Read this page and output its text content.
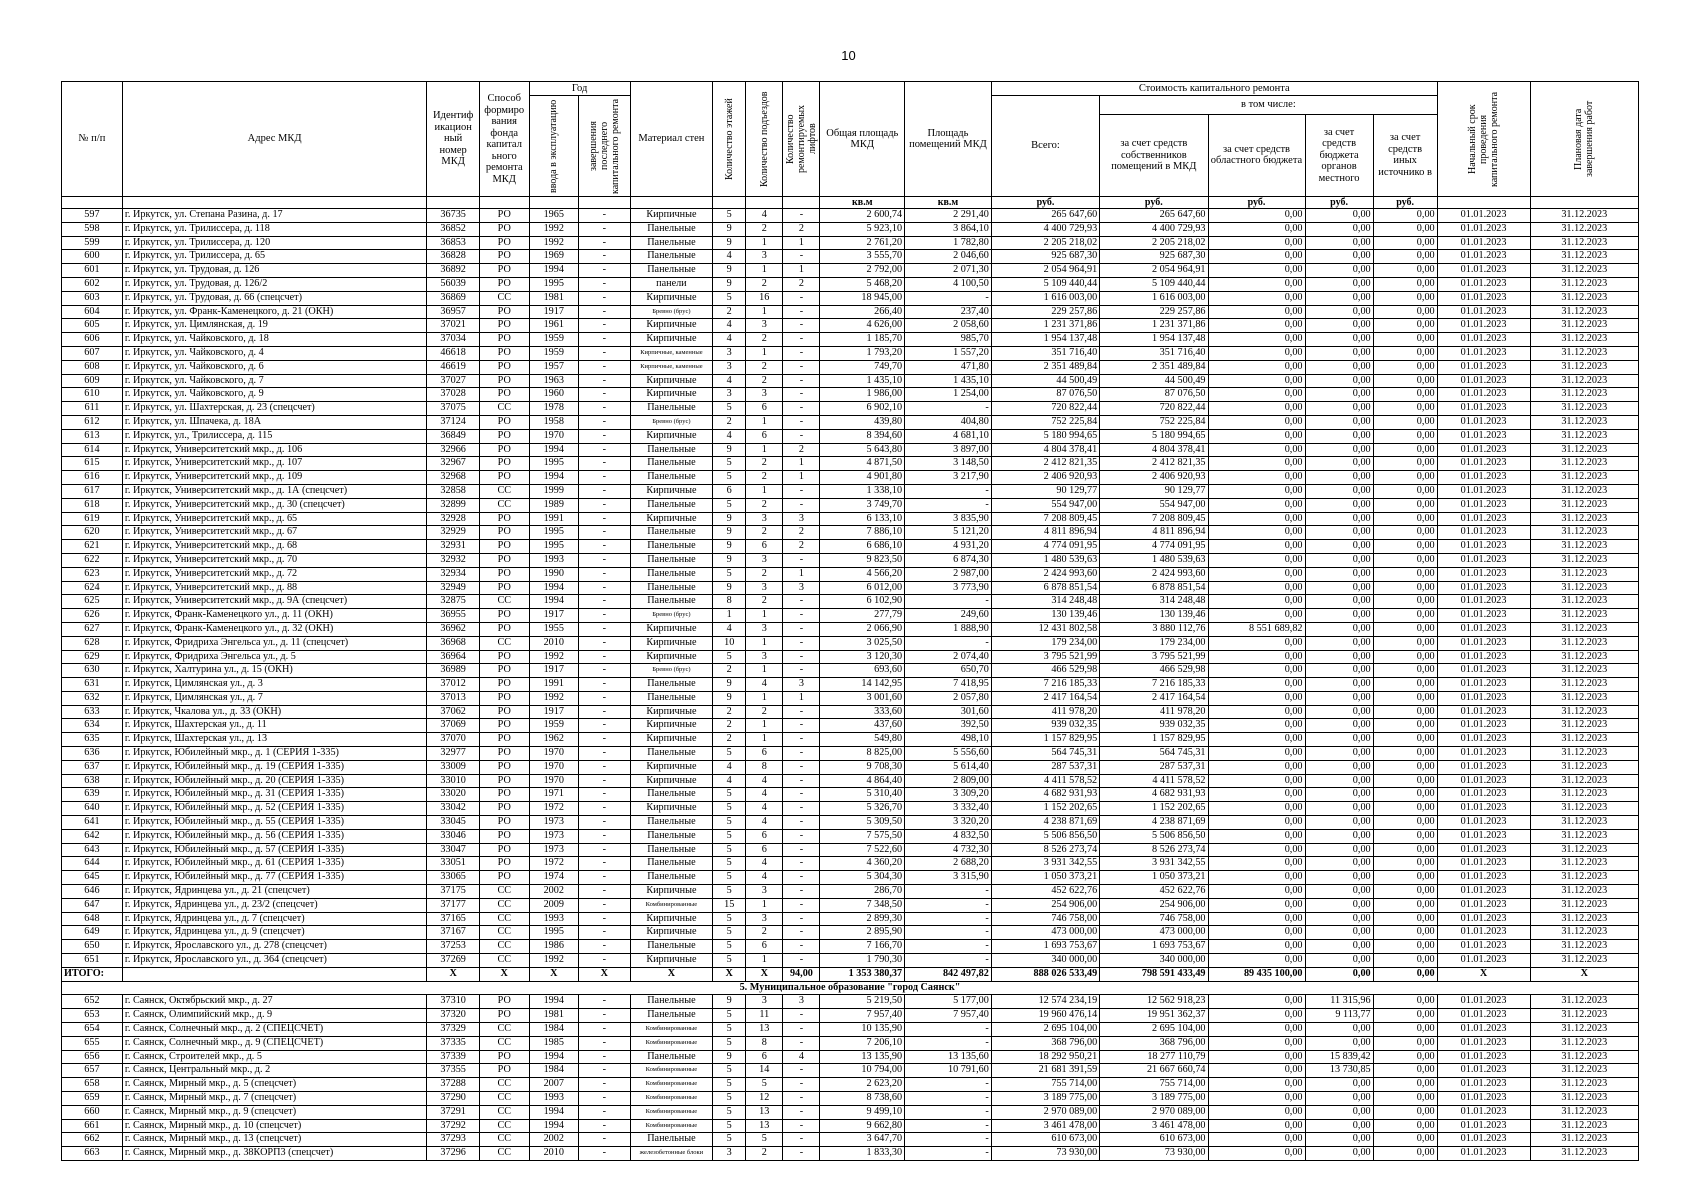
10
№ п/п	Адрес МКД	Идентиф икацион ный номер МКД	Способ формиро вания фонда капитал ьного ремонта МКД	Год		Материал стен	Количество этажей	Количество подъездов	Количество ремонтируемых лифтов	Общая площадь МКД	Площадь помещений МКД	Стоимость капитального ремонта					Начальный срок проведения капитального ремонта	Плановая дата завершения работ

				ввода в эксплуатацию	завершения последнего капитального ремонта							Всего:	в том числе:					
													за счет средств собственников помещений в МКД	за счет средств областного бюджета	за счет средств бюджета органов местного	за счет средств иных источнико в		
										кв.м	кв.м	руб.	руб.	руб.	руб.	руб.		
597	г. Иркутск, ул. Степана Разина, д. 17	36735	РО	1965	-	Кирпичные	5	4	-	2 600,74	2 291,40	265 647,60	265 647,60	0,00	0,00	0,00	01.01.2023	31.12.2023
598	г. Иркутск, ул. Трилиссера, д. 118	36852	РО	1992	-	Панельные	9	2	2	5 923,10	3 864,10	4 400 729,93	4 400 729,93	0,00	0,00	0,00	01.01.2023	31.12.2023
599	г. Иркутск, ул. Трилиссера, д. 120	36853	РО	1992	-	Панельные	9	1	1	2 761,20	1 782,80	2 205 218,02	2 205 218,02	0,00	0,00	0,00	01.01.2023	31.12.2023
600	г. Иркутск, ул. Трилиссера, д. 65	36828	РО	1969	-	Панельные	4	3	-	3 555,70	2 046,60	925 687,30	925 687,30	0,00	0,00	0,00	01.01.2023	31.12.2023
601	г. Иркутск, ул. Трудовая, д. 126	36892	РО	1994	-	Панельные	9	1	1	2 792,00	2 071,30	2 054 964,91	2 054 964,91	0,00	0,00	0,00	01.01.2023	31.12.2023
602	г. Иркутск, ул. Трудовая, д. 126/2	56039	РО	1995	-	панели	9	2	2	5 468,20	4 100,50	5 109 440,44	5 109 440,44	0,00	0,00	0,00	01.01.2023	31.12.2023
603	г. Иркутск, ул. Трудовая, д. 66 (спецсчет)	36869	СС	1981	-	Кирпичные	5	16	-	18 945,00	-	1 616 003,00	1 616 003,00	0,00	0,00	0,00	01.01.2023	31.12.2023
604	г. Иркутск, ул. Франк-Каменецкого, д. 21 (ОКН)	36957	РО	1917	-	Бревно (брус)	2	1	-	266,40	237,40	229 257,86	229 257,86	0,00	0,00	0,00	01.01.2023	31.12.2023
605	г. Иркутск, ул. Цимлянская, д. 19	37021	РО	1961	-	Кирпичные	4	3	-	4 626,00	2 058,60	1 231 371,86	1 231 371,86	0,00	0,00	0,00	01.01.2023	31.12.2023
606	г. Иркутск, ул. Чайковского, д. 18	37034	РО	1959	-	Кирпичные	4	2	-	1 185,70	985,70	1 954 137,48	1 954 137,48	0,00	0,00	0,00	01.01.2023	31.12.2023
607	г. Иркутск, ул. Чайковского, д. 4	46618	РО	1959	-	Кирпичные, каменные	3	1	-	1 793,20	1 557,20	351 716,40	351 716,40	0,00	0,00	0,00	01.01.2023	31.12.2023
608	г. Иркутск, ул. Чайковского, д. 6	46619	РО	1957	-	Кирпичные, каменные	3	2	-	749,70	471,80	2 351 489,84	2 351 489,84	0,00	0,00	0,00	01.01.2023	31.12.2023
609	г. Иркутск, ул. Чайковского, д. 7	37027	РО	1963	-	Кирпичные	4	2	-	1 435,10	1 435,10	44 500,49	44 500,49	0,00	0,00	0,00	01.01.2023	31.12.2023
610	г. Иркутск, ул. Чайковского, д. 9	37028	РО	1960	-	Кирпичные	3	3	-	1 986,00	1 254,00	87 076,50	87 076,50	0,00	0,00	0,00	01.01.2023	31.12.2023
611	г. Иркутск, ул. Шахтерская, д. 23 (спецсчет)	37075	СС	1978	-	Панельные	5	6	-	6 902,10	-	720 822,44	720 822,44	0,00	0,00	0,00	01.01.2023	31.12.2023
612	г. Иркутск, ул. Шпачека, д. 18А	37124	РО	1958	-	Бревно (брус)	2	1	-	439,80	404,80	752 225,84	752 225,84	0,00	0,00	0,00	01.01.2023	31.12.2023
613	г. Иркутск, ул., Трилиссера, д. 115	36849	РО	1970	-	Кирпичные	4	6	-	8 394,60	4 681,10	5 180 994,65	5 180 994,65	0,00	0,00	0,00	01.01.2023	31.12.2023
614	г. Иркутск, Университетский мкр., д. 106	32966	РО	1994	-	Панельные	9	1	2	5 643,80	3 897,00	4 804 378,41	4 804 378,41	0,00	0,00	0,00	01.01.2023	31.12.2023
615	г. Иркутск, Университетский мкр., д. 107	32967	РО	1995	-	Панельные	5	2	1	4 871,50	3 148,50	2 412 821,35	2 412 821,35	0,00	0,00	0,00	01.01.2023	31.12.2023
616	г. Иркутск, Университетский мкр., д. 109	32968	РО	1994	-	Панельные	5	2	1	4 901,80	3 217,90	2 406 920,93	2 406 920,93	0,00	0,00	0,00	01.01.2023	31.12.2023
617	г. Иркутск, Университетский мкр., д. 1А (спецсчет)	32858	СС	1999	-	Кирпичные	6	1	-	1 338,10	-	90 129,77	90 129,77	0,00	0,00	0,00	01.01.2023	31.12.2023
618	г. Иркутск, Университетский мкр., д. 30 (спецсчет)	32899	СС	1989	-	Панельные	5	2	-	3 749,70	-	554 947,00	554 947,00	0,00	0,00	0,00	01.01.2023	31.12.2023
619	г. Иркутск, Университетский мкр., д. 65	32928	РО	1991	-	Кирпичные	9	3	3	6 133,10	3 835,90	7 208 809,45	7 208 809,45	0,00	0,00	0,00	01.01.2023	31.12.2023
620	г. Иркутск, Университетский мкр., д. 67	32929	РО	1995	-	Панельные	9	2	2	7 886,10	5 121,20	4 811 896,94	4 811 896,94	0,00	0,00	0,00	01.01.2023	31.12.2023
621	г. Иркутск, Университетский мкр., д. 68	32931	РО	1995	-	Панельные	9	6	2	6 686,10	4 931,20	4 774 091,95	4 774 091,95	0,00	0,00	0,00	01.01.2023	31.12.2023
622	г. Иркутск, Университетский мкр., д. 70	32932	РО	1993	-	Панельные	9	3	-	9 823,50	6 874,30	1 480 539,63	1 480 539,63	0,00	0,00	0,00	01.01.2023	31.12.2023
623	г. Иркутск, Университетский мкр., д. 72	32934	РО	1990	-	Панельные	5	2	1	4 566,20	2 987,00	2 424 993,60	2 424 993,60	0,00	0,00	0,00	01.01.2023	31.12.2023
624	г. Иркутск, Университетский мкр., д. 88	32949	РО	1994	-	Панельные	9	3	3	6 012,00	3 773,90	6 878 851,54	6 878 851,54	0,00	0,00	0,00	01.01.2023	31.12.2023
625	г. Иркутск, Университетский мкр., д. 9А (спецсчет)	32875	СС	1994	-	Панельные	8	2	-	6 102,90	-	314 248,48	314 248,48	0,00	0,00	0,00	01.01.2023	31.12.2023
626	г. Иркутск, Франк-Каменецкого ул., д. 11 (ОКН)	36955	РО	1917	-	Бревно (брус)	1	1	-	277,79	249,60	130 139,46	130 139,46	0,00	0,00	0,00	01.01.2023	31.12.2023
627	г. Иркутск, Франк-Каменецкого ул., д. 32 (ОКН)	36962	РО	1955	-	Кирпичные	4	3	-	2 066,90	1 888,90	12 431 802,58	3 880 112,76	8 551 689,82	0,00	0,00	01.01.2023	31.12.2023
628	г. Иркутск, Фридриха Энгельса ул., д. 11 (спецсчет)	36968	СС	2010	-	Кирпичные	10	1	-	3 025,50	-	179 234,00	179 234,00	0,00	0,00	0,00	01.01.2023	31.12.2023
629	г. Иркутск, Фридриха Энгельса ул., д. 5	36964	РО	1992	-	Кирпичные	5	3	-	3 120,30	2 074,40	3 795 521,99	3 795 521,99	0,00	0,00	0,00	01.01.2023	31.12.2023
630	г. Иркутск, Халтурина ул., д. 15 (ОКН)	36989	РО	1917	-	Бревно (брус)	2	1	-	693,60	650,70	466 529,98	466 529,98	0,00	0,00	0,00	01.01.2023	31.12.2023
631	г. Иркутск, Цимлянская ул., д. 3	37012	РО	1991	-	Панельные	9	4	3	14 142,95	7 418,95	7 216 185,33	7 216 185,33	0,00	0,00	0,00	01.01.2023	31.12.2023
632	г. Иркутск, Цимлянская ул., д. 7	37013	РО	1992	-	Панельные	9	1	1	3 001,60	2 057,80	2 417 164,54	2 417 164,54	0,00	0,00	0,00	01.01.2023	31.12.2023
633	г. Иркутск, Чкалова ул., д. 33 (ОКН)	37062	РО	1917	-	Кирпичные	2	2	-	333,60	301,60	411 978,20	411 978,20	0,00	0,00	0,00	01.01.2023	31.12.2023
634	г. Иркутск, Шахтерская ул., д. 11	37069	РО	1959	-	Кирпичные	2	1	-	437,60	392,50	939 032,35	939 032,35	0,00	0,00	0,00	01.01.2023	31.12.2023
635	г. Иркутск, Шахтерская ул., д. 13	37070	РО	1962	-	Кирпичные	2	1	-	549,80	498,10	1 157 829,95	1 157 829,95	0,00	0,00	0,00	01.01.2023	31.12.2023
636	г. Иркутск, Юбилейный мкр., д. 1 (СЕРИЯ 1-335)	32977	РО	1970	-	Панельные	5	6	-	8 825,00	5 556,60	564 745,31	564 745,31	0,00	0,00	0,00	01.01.2023	31.12.2023
637	г. Иркутск, Юбилейный мкр., д. 19 (СЕРИЯ 1-335)	33009	РО	1970	-	Кирпичные	4	8	-	9 708,30	5 614,40	287 537,31	287 537,31	0,00	0,00	0,00	01.01.2023	31.12.2023
638	г. Иркутск, Юбилейный мкр., д. 20 (СЕРИЯ 1-335)	33010	РО	1970	-	Кирпичные	4	4	-	4 864,40	2 809,00	4 411 578,52	4 411 578,52	0,00	0,00	0,00	01.01.2023	31.12.2023
639	г. Иркутск, Юбилейный мкр., д. 31 (СЕРИЯ 1-335)	33020	РО	1971	-	Панельные	5	4	-	5 310,40	3 309,20	4 682 931,93	4 682 931,93	0,00	0,00	0,00	01.01.2023	31.12.2023
640	г. Иркутск, Юбилейный мкр., д. 52 (СЕРИЯ 1-335)	33042	РО	1972	-	Кирпичные	5	4	-	5 326,70	3 332,40	1 152 202,65	1 152 202,65	0,00	0,00	0,00	01.01.2023	31.12.2023
641	г. Иркутск, Юбилейный мкр., д. 55 (СЕРИЯ 1-335)	33045	РО	1973	-	Панельные	5	4	-	5 309,50	3 320,20	4 238 871,69	4 238 871,69	0,00	0,00	0,00	01.01.2023	31.12.2023
642	г. Иркутск, Юбилейный мкр., д. 56 (СЕРИЯ 1-335)	33046	РО	1973	-	Панельные	5	6	-	7 575,50	4 832,50	5 506 856,50	5 506 856,50	0,00	0,00	0,00	01.01.2023	31.12.2023
643	г. Иркутск, Юбилейный мкр., д. 57 (СЕРИЯ 1-335)	33047	РО	1973	-	Панельные	5	6	-	7 522,60	4 732,30	8 526 273,74	8 526 273,74	0,00	0,00	0,00	01.01.2023	31.12.2023
644	г. Иркутск, Юбилейный мкр., д. 61 (СЕРИЯ 1-335)	33051	РО	1972	-	Панельные	5	4	-	4 360,20	2 688,20	3 931 342,55	3 931 342,55	0,00	0,00	0,00	01.01.2023	31.12.2023
645	г. Иркутск, Юбилейный мкр., д. 77 (СЕРИЯ 1-335)	33065	РО	1974	-	Панельные	5	4	-	5 304,30	3 315,90	1 050 373,21	1 050 373,21	0,00	0,00	0,00	01.01.2023	31.12.2023
646	г. Иркутск, Ядринцева ул., д. 21 (спецсчет)	37175	СС	2002	-	Кирпичные	5	3	-	286,70	-	452 622,76	452 622,76	0,00	0,00	0,00	01.01.2023	31.12.2023
647	г. Иркутск, Ядринцева ул., д. 23/2 (спецсчет)	37177	СС	2009	-	Комбинированные	15	1	-	7 348,50	-	254 906,00	254 906,00	0,00	0,00	0,00	01.01.2023	31.12.2023
648	г. Иркутск, Ядринцева ул., д. 7 (спецсчет)	37165	СС	1993	-	Кирпичные	5	3	-	2 899,30	-	746 758,00	746 758,00	0,00	0,00	0,00	01.01.2023	31.12.2023
649	г. Иркутск, Ядринцева ул., д. 9 (спецсчет)	37167	СС	1995	-	Кирпичные	5	2	-	2 895,90	-	473 000,00	473 000,00	0,00	0,00	0,00	01.01.2023	31.12.2023
650	г. Иркутск, Ярославского ул., д. 278 (спецсчет)	37253	СС	1986	-	Панельные	5	6	-	7 166,70	-	1 693 753,67	1 693 753,67	0,00	0,00	0,00	01.01.2023	31.12.2023
651	г. Иркутск, Ярославского ул., д. 364 (спецсчет)	37269	СС	1992	-	Кирпичные	5	1	-	1 790,30	-	340 000,00	340 000,00	0,00	0,00	0,00	01.01.2023	31.12.2023
ИТОГО:		X	X	X	X	X	X	X	94,00	1 353 380,37	842 497,82	888 026 533,49	798 591 433,49	89 435 100,00	0,00	0,00	X	X
5. Муниципальное образование "город Саянск"																		
652	г. Саянск, Октябрьский мкр., д. 27	37310	РО	1994	-	Панельные	9	3	3	5 219,50	5 177,00	12 574 234,19	12 562 918,23	0,00	11 315,96	0,00	01.01.2023	31.12.2023
653	г. Саянск, Олимпийский мкр., д. 9	37320	РО	1981	-	Панельные	5	11	-	7 957,40	7 957,40	19 960 476,14	19 951 362,37	0,00	9 113,77	0,00	01.01.2023	31.12.2023
654	г. Саянск, Солнечный мкр., д. 2 (СПЕЦСЧЕТ)	37329	СС	1984	-	Комбинированные	5	13	-	10 135,90	-	2 695 104,00	2 695 104,00	0,00	0,00	0,00	01.01.2023	31.12.2023
655	г. Саянск, Солнечный мкр., д. 9 (СПЕЦСЧЕТ)	37335	СС	1985	-	Комбинированные	5	8	-	7 206,10	-	368 796,00	368 796,00	0,00	0,00	0,00	01.01.2023	31.12.2023
656	г. Саянск, Строителей мкр., д. 5	37339	РО	1994	-	Панельные	9	6	4	13 135,90	13 135,60	18 292 950,21	18 277 110,79	0,00	15 839,42	0,00	01.01.2023	31.12.2023
657	г. Саянск, Центральный мкр., д. 2	37355	РО	1984	-	Комбинированные	5	14	-	10 794,00	10 791,60	21 681 391,59	21 667 660,74	0,00	13 730,85	0,00	01.01.2023	31.12.2023
658	г. Саянск, Мирный мкр., д. 5 (спецсчет)	37288	СС	2007	-	Комбинированные	5	5	-	2 623,20	-	755 714,00	755 714,00	0,00	0,00	0,00	01.01.2023	31.12.2023
659	г. Саянск, Мирный мкр., д. 7 (спецсчет)	37290	СС	1993	-	Комбинированные	5	12	-	8 738,60	-	3 189 775,00	3 189 775,00	0,00	0,00	0,00	01.01.2023	31.12.2023
660	г. Саянск, Мирный мкр., д. 9 (спецсчет)	37291	СС	1994	-	Комбинированные	5	13	-	9 499,10	-	2 970 089,00	2 970 089,00	0,00	0,00	0,00	01.01.2023	31.12.2023
661	г. Саянск, Мирный мкр., д. 10 (спецсчет)	37292	СС	1994	-	Комбинированные	5	13	-	9 662,80	-	3 461 478,00	3 461 478,00	0,00	0,00	0,00	01.01.2023	31.12.2023
662	г. Саянск, Мирный мкр., д. 13 (спецсчет)	37293	СС	2002	-	Панельные	5	5	-	3 647,70	-	610 673,00	610 673,00	0,00	0,00	0,00	01.01.2023	31.12.2023
663	г. Саянск, Мирный мкр., д. 38КОРП3 (спецсчет)	37296	СС	2010	-	железобетонные блоки	3	2	-	1 833,30	-	73 930,00	73 930,00	0,00	0,00	0,00	01.01.2023	31.12.2023
